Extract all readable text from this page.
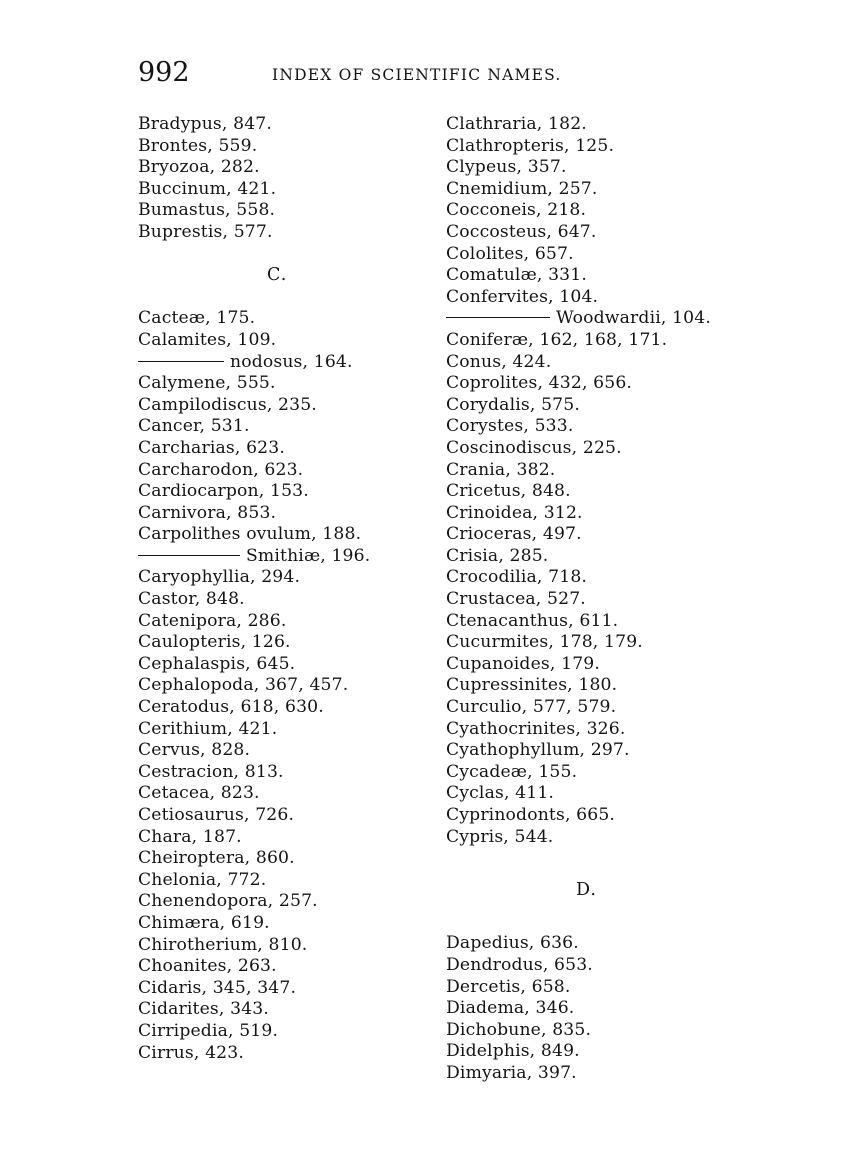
992	INDEX OF SCIENTIFIC NAMES.
Bradypus, 847.
Brontes, 559.
Bryozoa, 282.
Buccinum, 421.
Bumastus, 558.
Buprestis, 577.
C.
Cacteæ, 175.
Calamites, 109.
nodosus, 164.
Calymene, 555.
Campilodiscus, 235.
Cancer, 531.
Carcharias, 623.
Carcharodon, 623.
Cardiocarpon, 153.
Carnivora, 853.
Carpolithes ovulum, 188.
Smithiæ, 196.
Caryophyllia, 294.
Castor, 848.
Catenipora, 286.
Caulopteris, 126.
Cephalaspis, 645.
Cephalopoda, 367, 457.
Ceratodus, 618, 630.
Cerithium, 421.
Cervus, 828.
Cestracion, 813.
Cetacea, 823.
Cetiosaurus, 726.
Chara, 187.
Cheiroptera, 860.
Chelonia, 772.
Chenendopora, 257.
Chimæra, 619.
Chirotherium, 810.
Choanites, 263.
Cidaris, 345, 347.
Cidarites, 343.
Cirripedia, 519.
Cirrus, 423.
Clathraria, 182.
Clathropteris, 125.
Clypeus, 357.
Cnemidium, 257.
Cocconeis, 218.
Coccosteus, 647.
Cololites, 657.
Comatulæ, 331.
Confervites, 104.
Woodwardii, 104.
Coniferæ, 162, 168, 171.
Conus, 424.
Coprolites, 432, 656.
Corydalis, 575.
Corystes, 533.
Coscinodiscus, 225.
Crania, 382.
Cricetus, 848.
Crinoidea, 312.
Crioceras, 497.
Crisia, 285.
Crocodilia, 718.
Crustacea, 527.
Ctenacanthus, 611.
Cucurmites, 178, 179.
Cupanoides, 179.
Cupressinites, 180.
Curculio, 577, 579.
Cyathocrinites, 326.
Cyathophyllum, 297.
Cycadeæ, 155.
Cyclas, 411.
Cyprinodonts, 665.
Cypris, 544.
D.
Dapedius, 636.
Dendrodus, 653.
Dercetis, 658.
Diadema, 346.
Dichobune, 835.
Didelphis, 849.
Dimyaria, 397.
